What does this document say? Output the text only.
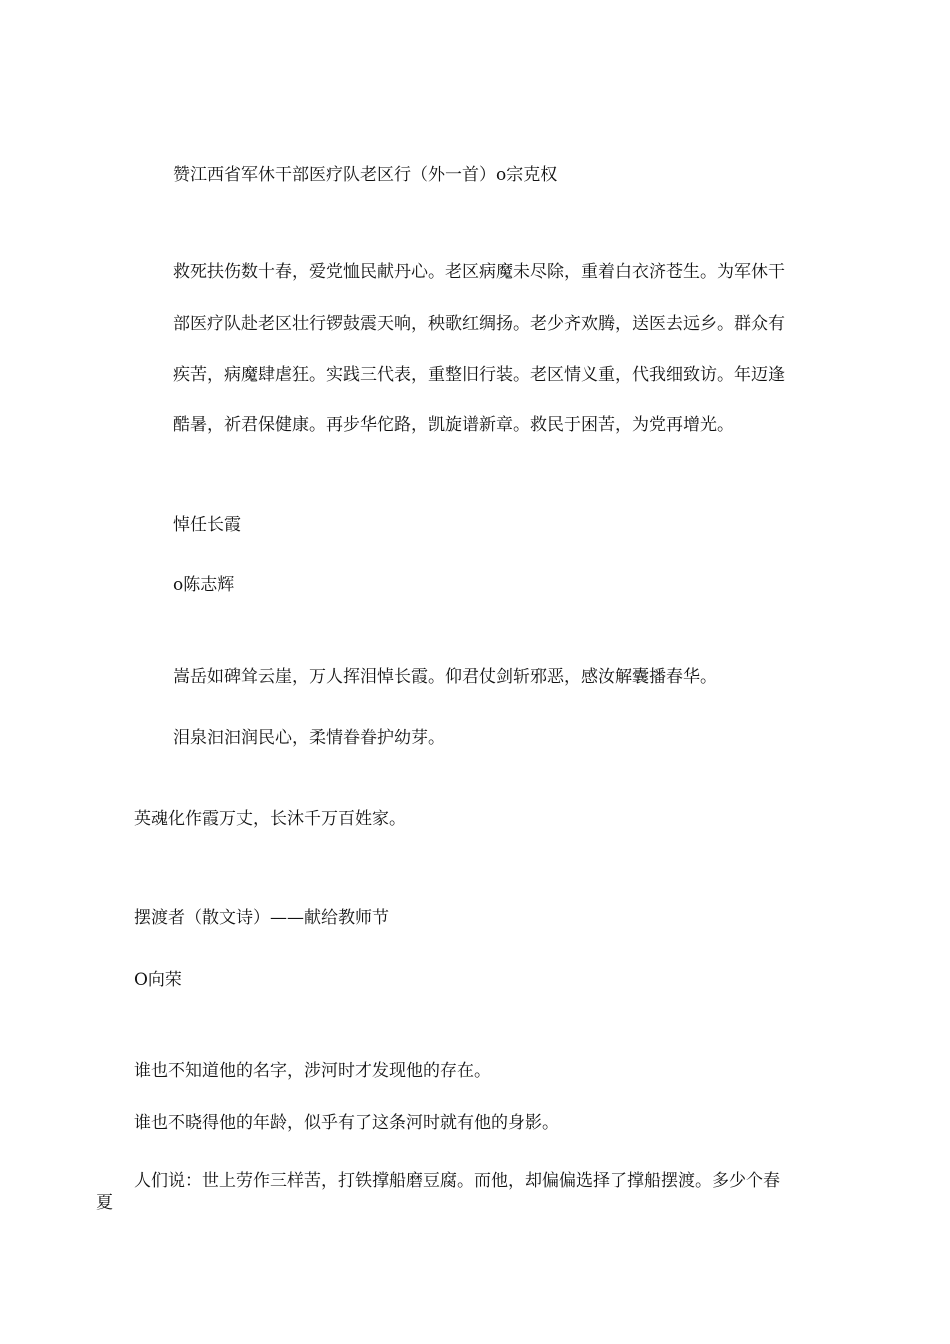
赞江西省军休干部医疗队老区行（外一首）o宗克权

救死扶伤数十春，爱党恤民献丹心。老区病魔未尽除，重着白衣济苍生。为军休干
部医疗队赴老区壮行锣鼓震天响，秧歌红绸扬。老少齐欢腾，送医去远乡。群众有
疾苦，病魔肆虐狂。实践三代表，重整旧行装。老区情义重，代我细致访。年迈逢
酷暑，祈君保健康。再步华佗路，凯旋谱新章。救民于困苦，为党再增光。

悼任长霞

o陈志辉

嵩岳如碑耸云崖，万人挥泪悼长霞。仰君仗剑斩邪恶，感汝解囊播春华。

泪泉汩汩润民心，柔情眷眷护幼芽。

英魂化作霞万丈，长沐千万百姓家。

摆渡者（散文诗）——献给教师节

O向荣

谁也不知道他的名字，涉河时才发现他的存在。

谁也不晓得他的年龄，似乎有了这条河时就有他的身影。

人们说：世上劳作三样苦，打铁撑船磨豆腐。而他，却偏偏选择了撑船摆渡。多少个春

夏
